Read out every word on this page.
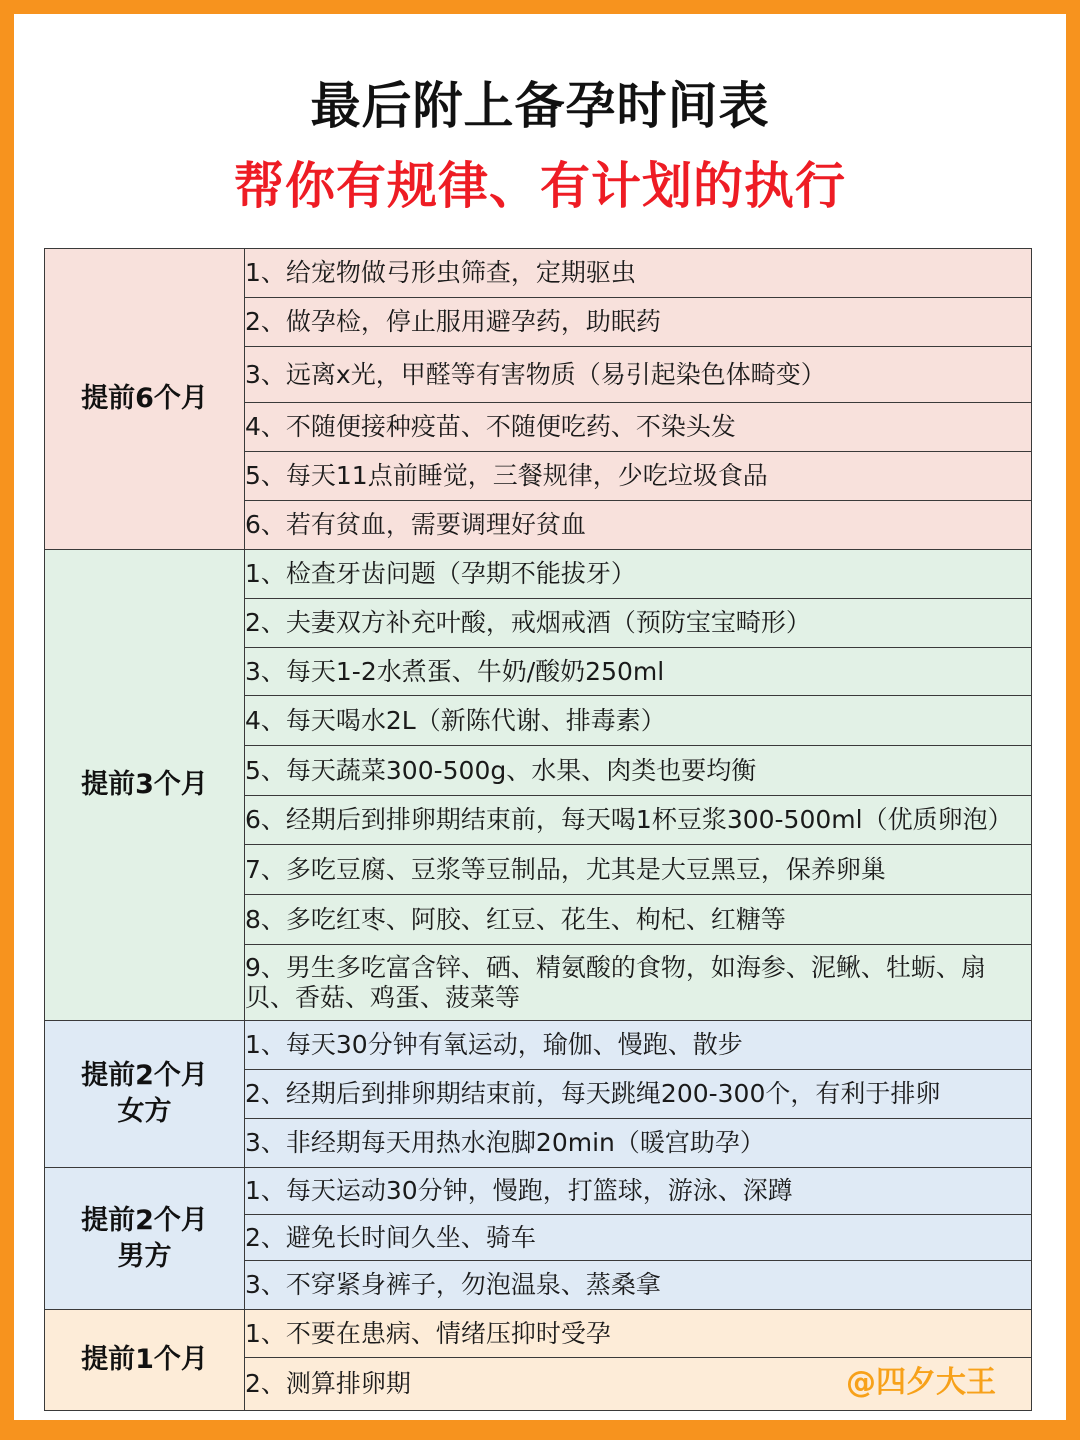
最后附上备孕时间表
帮你有规律、有计划的执行
提前6个月	1、给宠物做弓形虫筛查，定期驱虫
	2、做孕检，停止服用避孕药，助眠药
	3、远离x光，甲醛等有害物质（易引起染色体畸变）
	4、不随便接种疫苗、不随便吃药、不染头发
	5、每天11点前睡觉，三餐规律，少吃垃圾食品
	6、若有贫血，需要调理好贫血

提前3个月	1、检查牙齿问题（孕期不能拔牙）
	2、夫妻双方补充叶酸，戒烟戒酒（预防宝宝畸形）
	3、每天1-2水煮蛋、牛奶/酸奶250ml
	4、每天喝水2L（新陈代谢、排毒素）
	5、每天蔬菜300-500g、水果、肉类也要均衡
	6、经期后到排卵期结束前，每天喝1杯豆浆300-500ml（优质卵泡）
	7、多吃豆腐、豆浆等豆制品，尤其是大豆黑豆，保养卵巢
	8、多吃红枣、阿胶、红豆、花生、枸杞、红糖等
	9、男生多吃富含锌、硒、精氨酸的食物，如海参、泥鳅、牡蛎、扇贝、香菇、鸡蛋、菠菜等

提前2个月
女方	1、每天30分钟有氧运动，瑜伽、慢跑、散步
	2、经期后到排卵期结束前，每天跳绳200-300个，有利于排卵
	3、非经期每天用热水泡脚20min（暖宫助孕）

提前2个月
男方	1、每天运动30分钟，慢跑，打篮球，游泳、深蹲
	2、避免长时间久坐、骑车
	3、不穿紧身裤子，勿泡温泉、蒸桑拿

提前1个月	1、不要在患病、情绪压抑时受孕
	2、测算排卵期	@四夕大王
